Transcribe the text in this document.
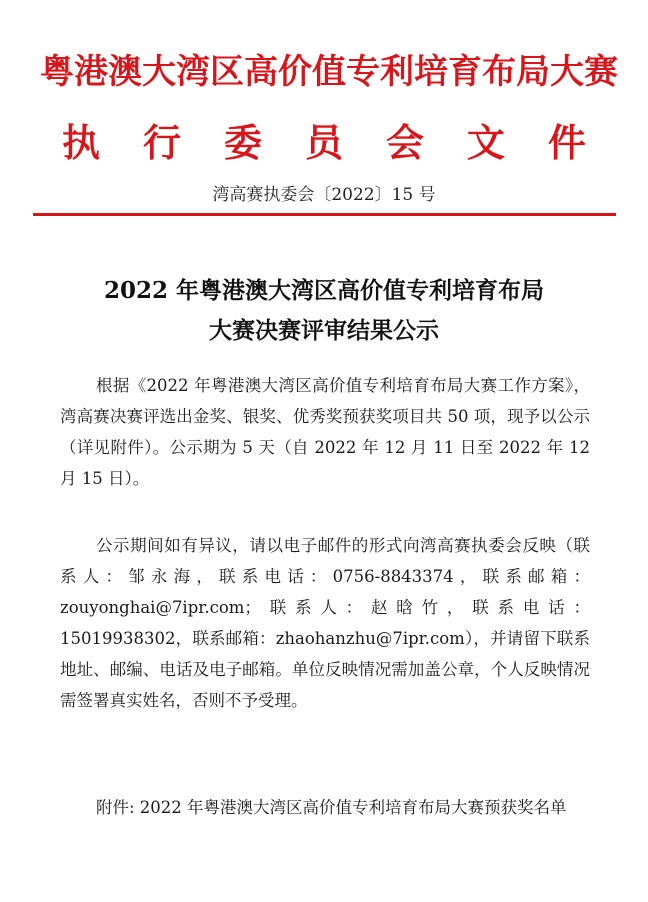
粤港澳大湾区高价值专利培育布局大赛
执 行 委 员 会 文 件
湾高赛执委会〔2022〕15 号
2022 年粤港澳大湾区高价值专利培育布局
大赛决赛评审结果公示
根据《2022 年粤港澳大湾区高价值专利培育布局大赛工作方案》，湾高赛决赛评选出金奖、银奖、优秀奖预获奖项目共 50 项，现予以公示（详见附件）。公示期为 5 天（自 2022 年 12 月 11 日至 2022 年 12 月 15 日）。
公示期间如有异议，请以电子邮件的形式向湾高赛执委会反映（联系人：邹永海，联系电话：0756-8843374，联系邮箱：zouyonghai@7ipr.com；联系人：赵晗竹，联系电话：15019938302，联系邮箱：zhaohanzhu@7ipr.com），并请留下联系地址、邮编、电话及电子邮箱。单位反映情况需加盖公章，个人反映情况需签署真实姓名，否则不予受理。
附件: 2022 年粤港澳大湾区高价值专利培育布局大赛预获奖名单
